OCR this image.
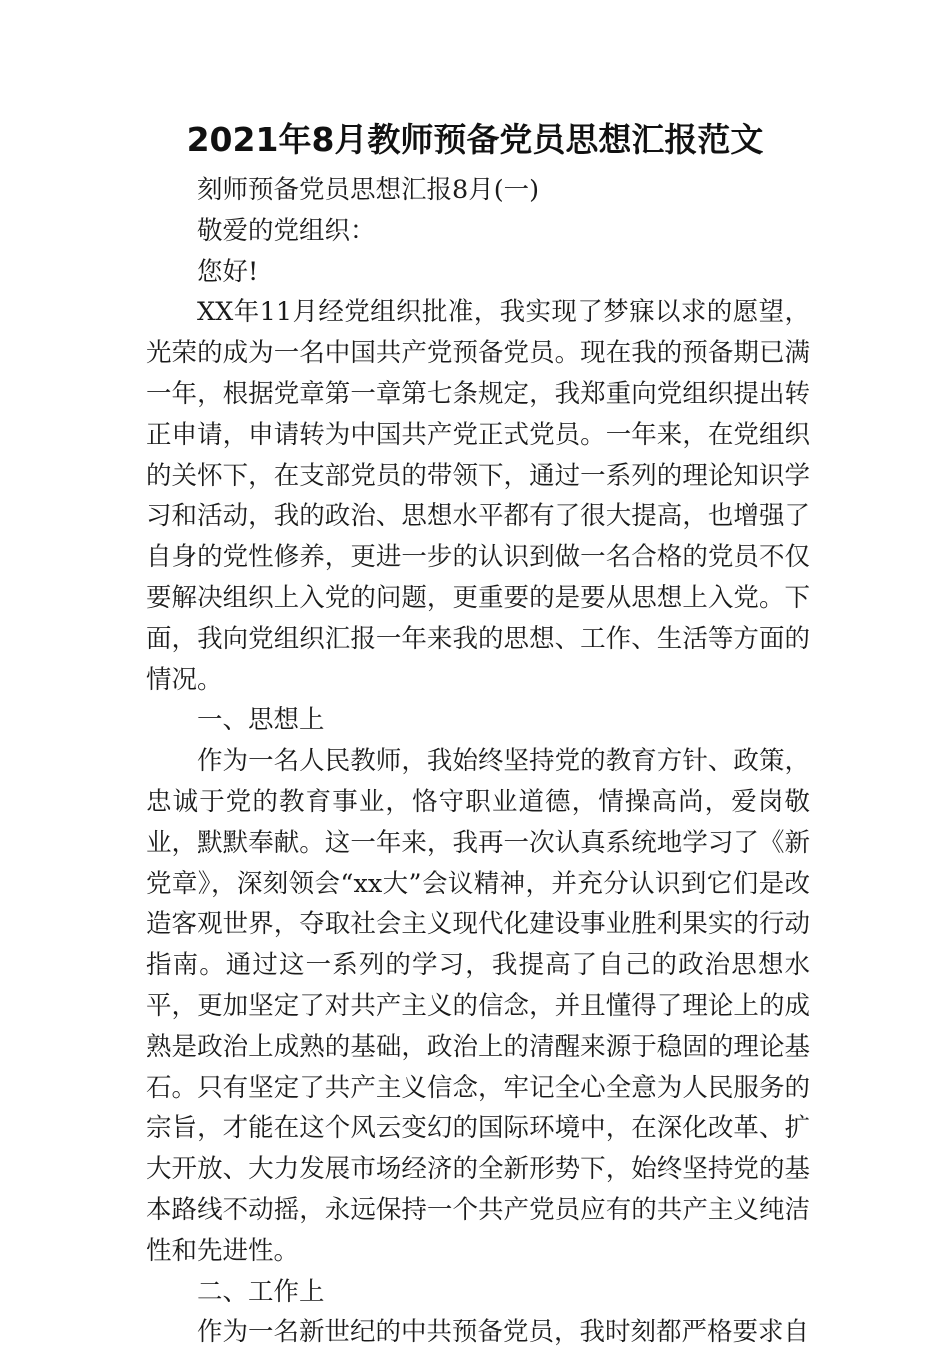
2021年8月教师预备党员思想汇报范文

刻师预备党员思想汇报8月(一)

敬爱的党组织：

您好!

XX年11月经党组织批准，我实现了梦寐以求的愿望，光荣的成为一名中国共产党预备党员。现在我的预备期已满一年，根据党章第一章第七条规定，我郑重向党组织提出转正申请，申请转为中国共产党正式党员。一年来，在党组织的关怀下，在支部党员的带领下，通过一系列的理论知识学习和活动，我的政治、思想水平都有了很大提高，也增强了自身的党性修养，更进一步的认识到做一名合格的党员不仅要解决组织上入党的问题，更重要的是要从思想上入党。下面，我向党组织汇报一年来我的思想、工作、生活等方面的情况。

一、思想上

作为一名人民教师，我始终坚持党的教育方针、政策，忠诚于党的教育事业，恪守职业道德，情操高尚，爱岗敬业，默默奉献。这一年来，我再一次认真系统地学习了《新党章》，深刻领会“xx大”会议精神，并充分认识到它们是改造客观世界，夺取社会主义现代化建设事业胜利果实的行动指南。通过这一系列的学习，我提高了自己的政治思想水平，更加坚定了对共产主义的信念，并且懂得了理论上的成熟是政治上成熟的基础，政治上的清醒来源于稳固的理论基石。只有坚定了共产主义信念，牢记全心全意为人民服务的宗旨，才能在这个风云变幻的国际环境中，在深化改革、扩大开放、大力发展市场经济的全新形势下，始终坚持党的基本路线不动摇，永远保持一个共产党员应有的共产主义纯洁性和先进性。

二、工作上

作为一名新世纪的中共预备党员，我时刻都严格要求自
